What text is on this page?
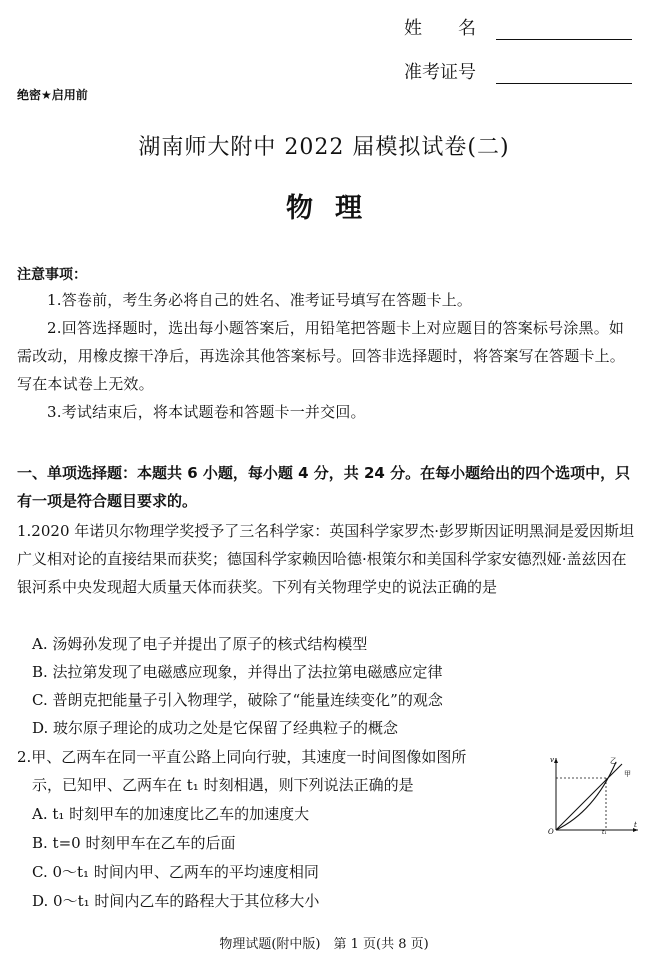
姓　　名
准考证号
绝密★启用前
湖南师大附中 2022 届模拟试卷(二)
物理
注意事项：
1.答卷前，考生务必将自己的姓名、准考证号填写在答题卡上。
2.回答选择题时，选出每小题答案后，用铅笔把答题卡上对应题目的答案标号涂黑。如需改动，用橡皮擦干净后，再选涂其他答案标号。回答非选择题时，将答案写在答题卡上。写在本试卷上无效。
3.考试结束后，将本试题卷和答题卡一并交回。
一、单项选择题：本题共 6 小题，每小题 4 分，共 24 分。在每小题给出的四个选项中，只有一项是符合题目要求的。
1.2020 年诺贝尔物理学奖授予了三名科学家：英国科学家罗杰·彭罗斯因证明黑洞是爱因斯坦广义相对论的直接结果而获奖；德国科学家赖因哈德·根策尔和美国科学家安德烈娅·盖兹因在银河系中央发现超大质量天体而获奖。下列有关物理学史的说法正确的是
A. 汤姆孙发现了电子并提出了原子的核式结构模型
B. 法拉第发现了电磁感应现象，并得出了法拉第电磁感应定律
C. 普朗克把能量子引入物理学，破除了“能量连续变化”的观念
D. 玻尔原子理论的成功之处是它保留了经典粒子的概念
2.甲、乙两车在同一平直公路上同向行驶，其速度一时间图像如图所
示，已知甲、乙两车在 t₁ 时刻相遇，则下列说法正确的是
A. t₁ 时刻甲车的加速度比乙车的加速度大
B. t=0 时刻甲车在乙车的后面
C. 0～t₁ 时间内甲、乙两车的平均速度相同
D. 0～t₁ 时间内乙车的路程大于其位移大小
v
t
O	t₁
甲
乙
物理试题(附中版)　第 1 页(共 8 页)
